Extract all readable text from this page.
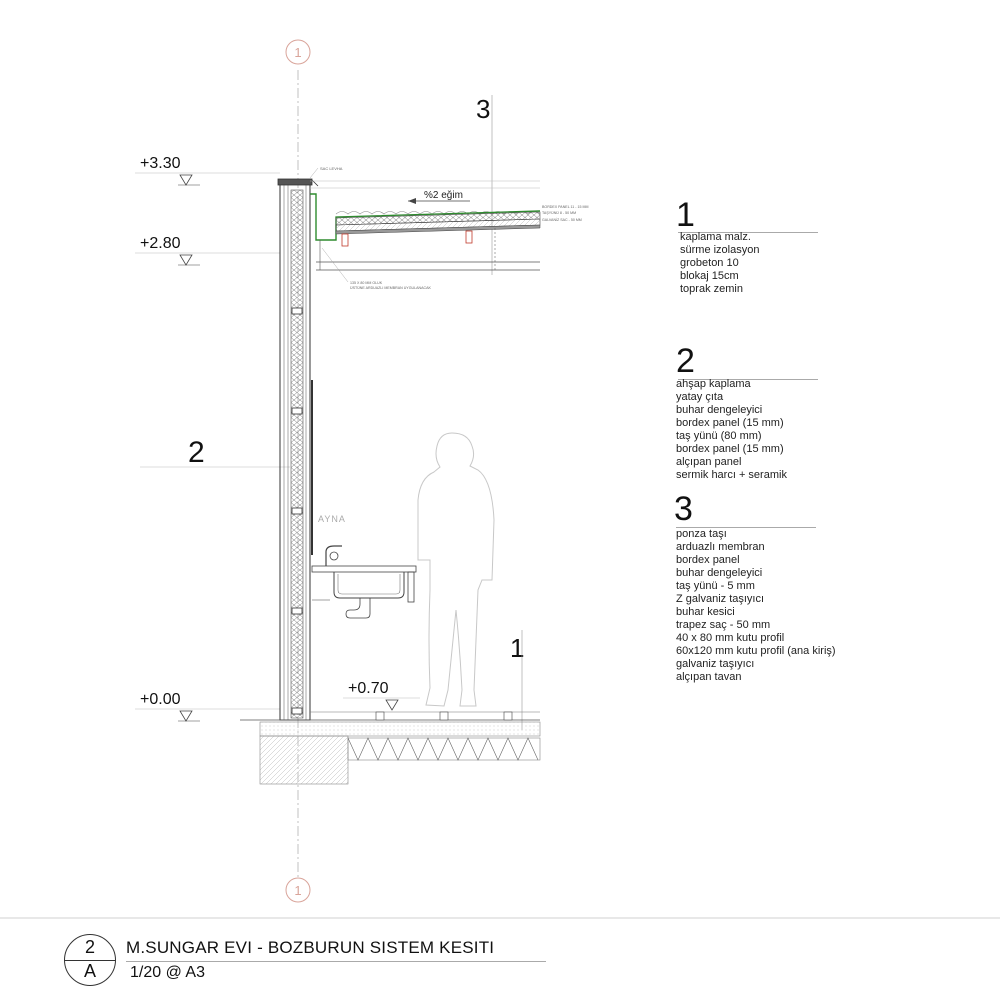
1
1
+3.30
+2.80
+0.00
+0.70
3
2
1
SAC LEVHA
%2 eğim
BORDEX PANEL 11 - 15 MM
TAŞYÜNÜ 8 - 50 MM
GALVANİZ SAC - 50 MM
135 X 80 MM OLUK
ÜSTÜNE ARDUAZLI MEMBRAN UYGULANACAK
AYNA
1
kaplama malz.
sürme izolasyon
grobeton 10
blokaj 15cm
toprak zemin
2
ahşap kaplama
yatay çıta
buhar dengeleyici
bordex panel (15 mm)
taş yünü (80 mm)
bordex panel (15 mm)
alçıpan panel
sermik harcı + seramik
3
ponza taşı
arduazlı membran
bordex panel
buhar dengeleyici
taş yünü - 5 mm
Z galvaniz taşıyıcı
buhar kesici
trapez saç - 50 mm
40 x 80 mm kutu profil
60x120 mm kutu profil (ana kiriş)
galvaniz taşıyıcı
alçıpan tavan
2
A
M.SUNGAR EVI - BOZBURUN SISTEM KESITI
1/20 @ A3
